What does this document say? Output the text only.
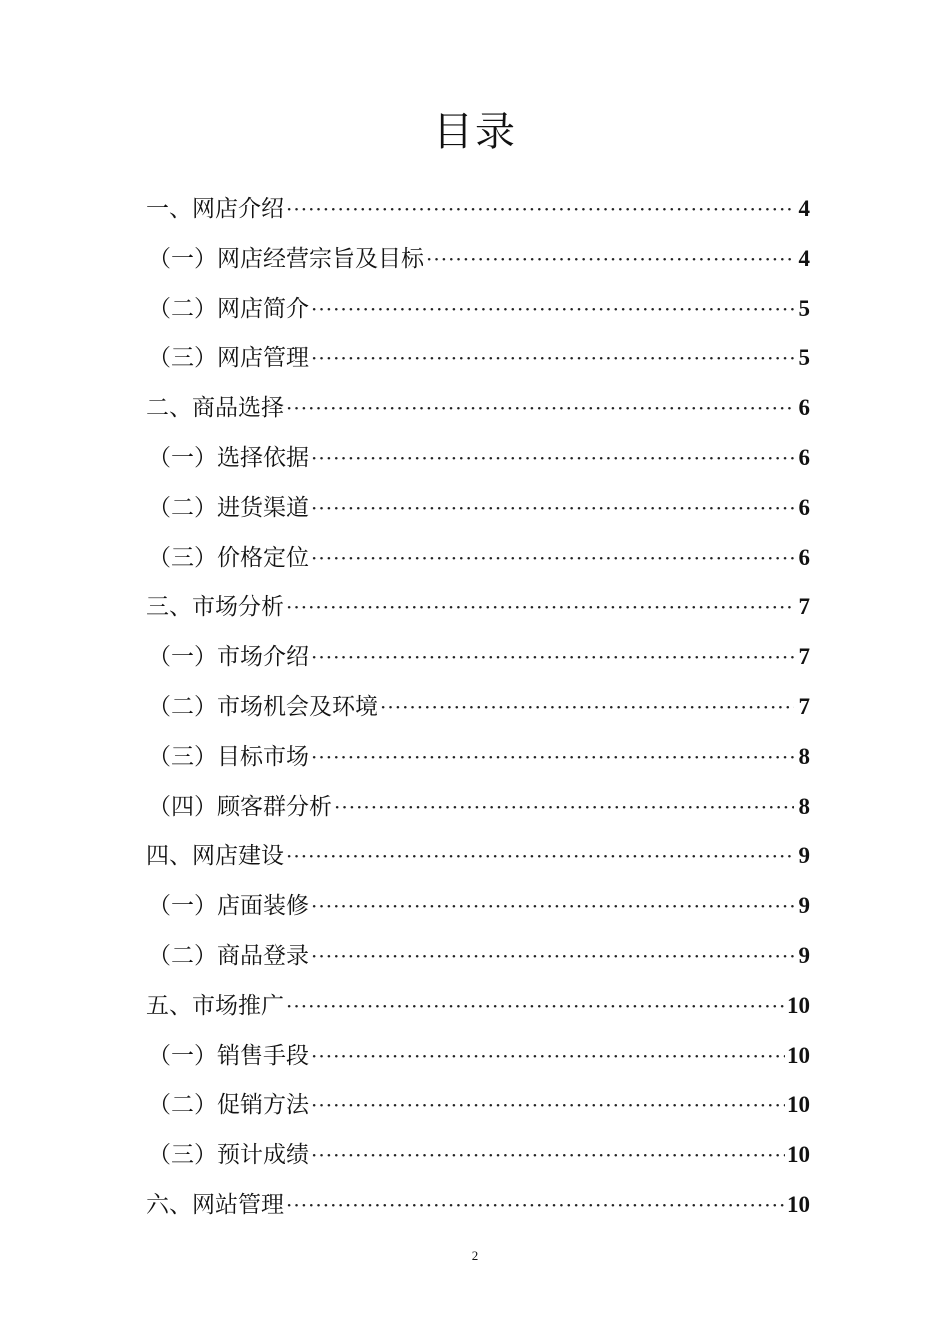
目录
一、网店介绍 ·····	4
（一）网店经营宗旨及目标 ·····	4
（二）网店简介 ·····	5
（三）网店管理 ·····	5
二、商品选择 ·····	6
（一）选择依据 ·····	6
（二）进货渠道 ·····	6
（三）价格定位 ·····	6
三、市场分析 ·····	7
（一）市场介绍 ·····	7
（二）市场机会及环境 ·····	7
（三）目标市场 ·····	8
（四）顾客群分析 ·····	8
四、网店建设 ·····	9
（一）店面装修 ·····	9
（二）商品登录 ·····	9
五、市场推广 ·····	10
（一）销售手段 ·····	10
（二）促销方法 ·····	10
（三）预计成绩 ·····	10
六、网站管理 ·····	10
2
